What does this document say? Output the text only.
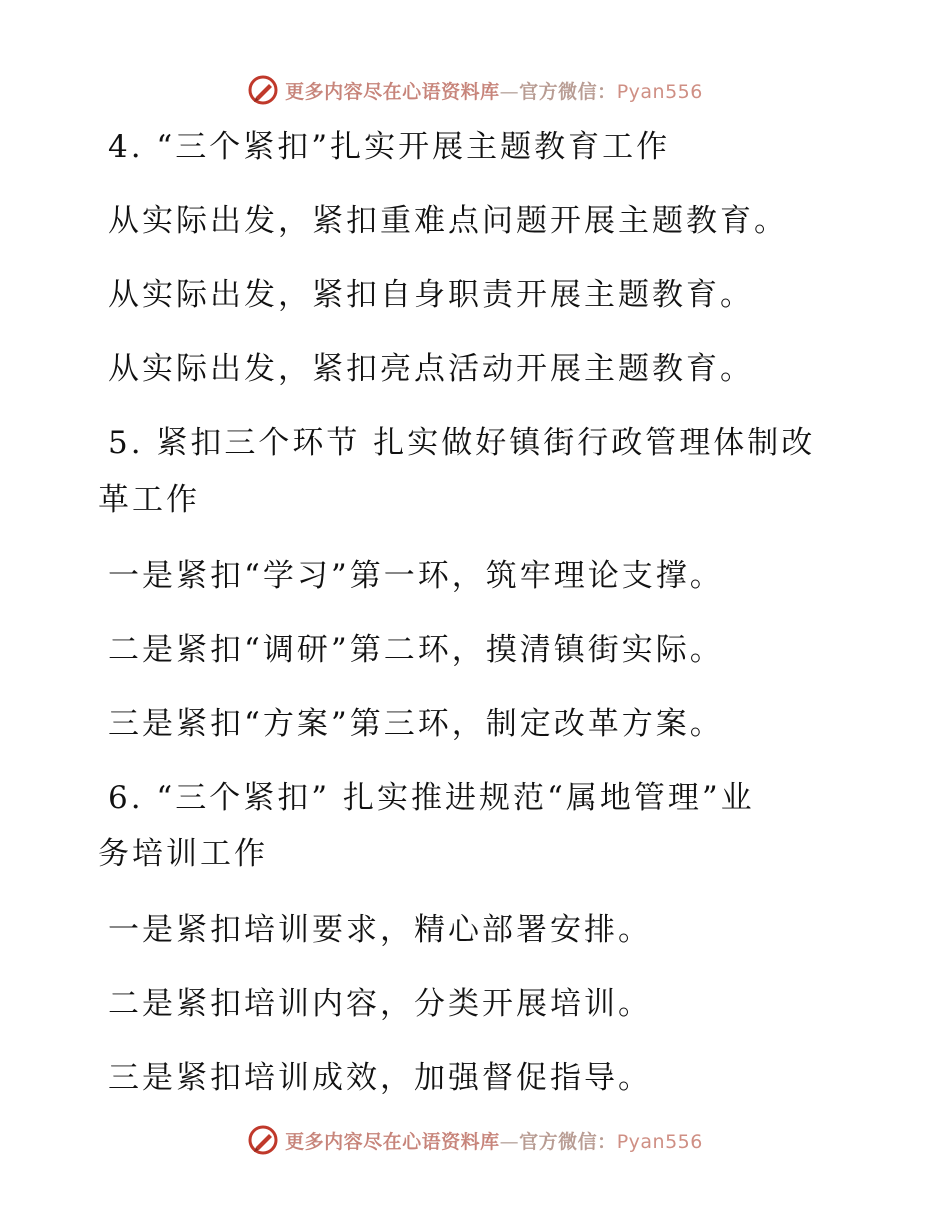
更多内容尽在心语资料库—官方微信：Pyan556
4. “三个紧扣”扎实开展主题教育工作
从实际出发，紧扣重难点问题开展主题教育。
从实际出发，紧扣自身职责开展主题教育。
从实际出发，紧扣亮点活动开展主题教育。
5. 紧扣三个环节 扎实做好镇街行政管理体制改
革工作
一是紧扣“学习”第一环，筑牢理论支撑。
二是紧扣“调研”第二环，摸清镇街实际。
三是紧扣“方案”第三环，制定改革方案。
6. “三个紧扣” 扎实推进规范“属地管理”业
务培训工作
一是紧扣培训要求，精心部署安排。
二是紧扣培训内容，分类开展培训。
三是紧扣培训成效，加强督促指导。
更多内容尽在心语资料库—官方微信：Pyan556
